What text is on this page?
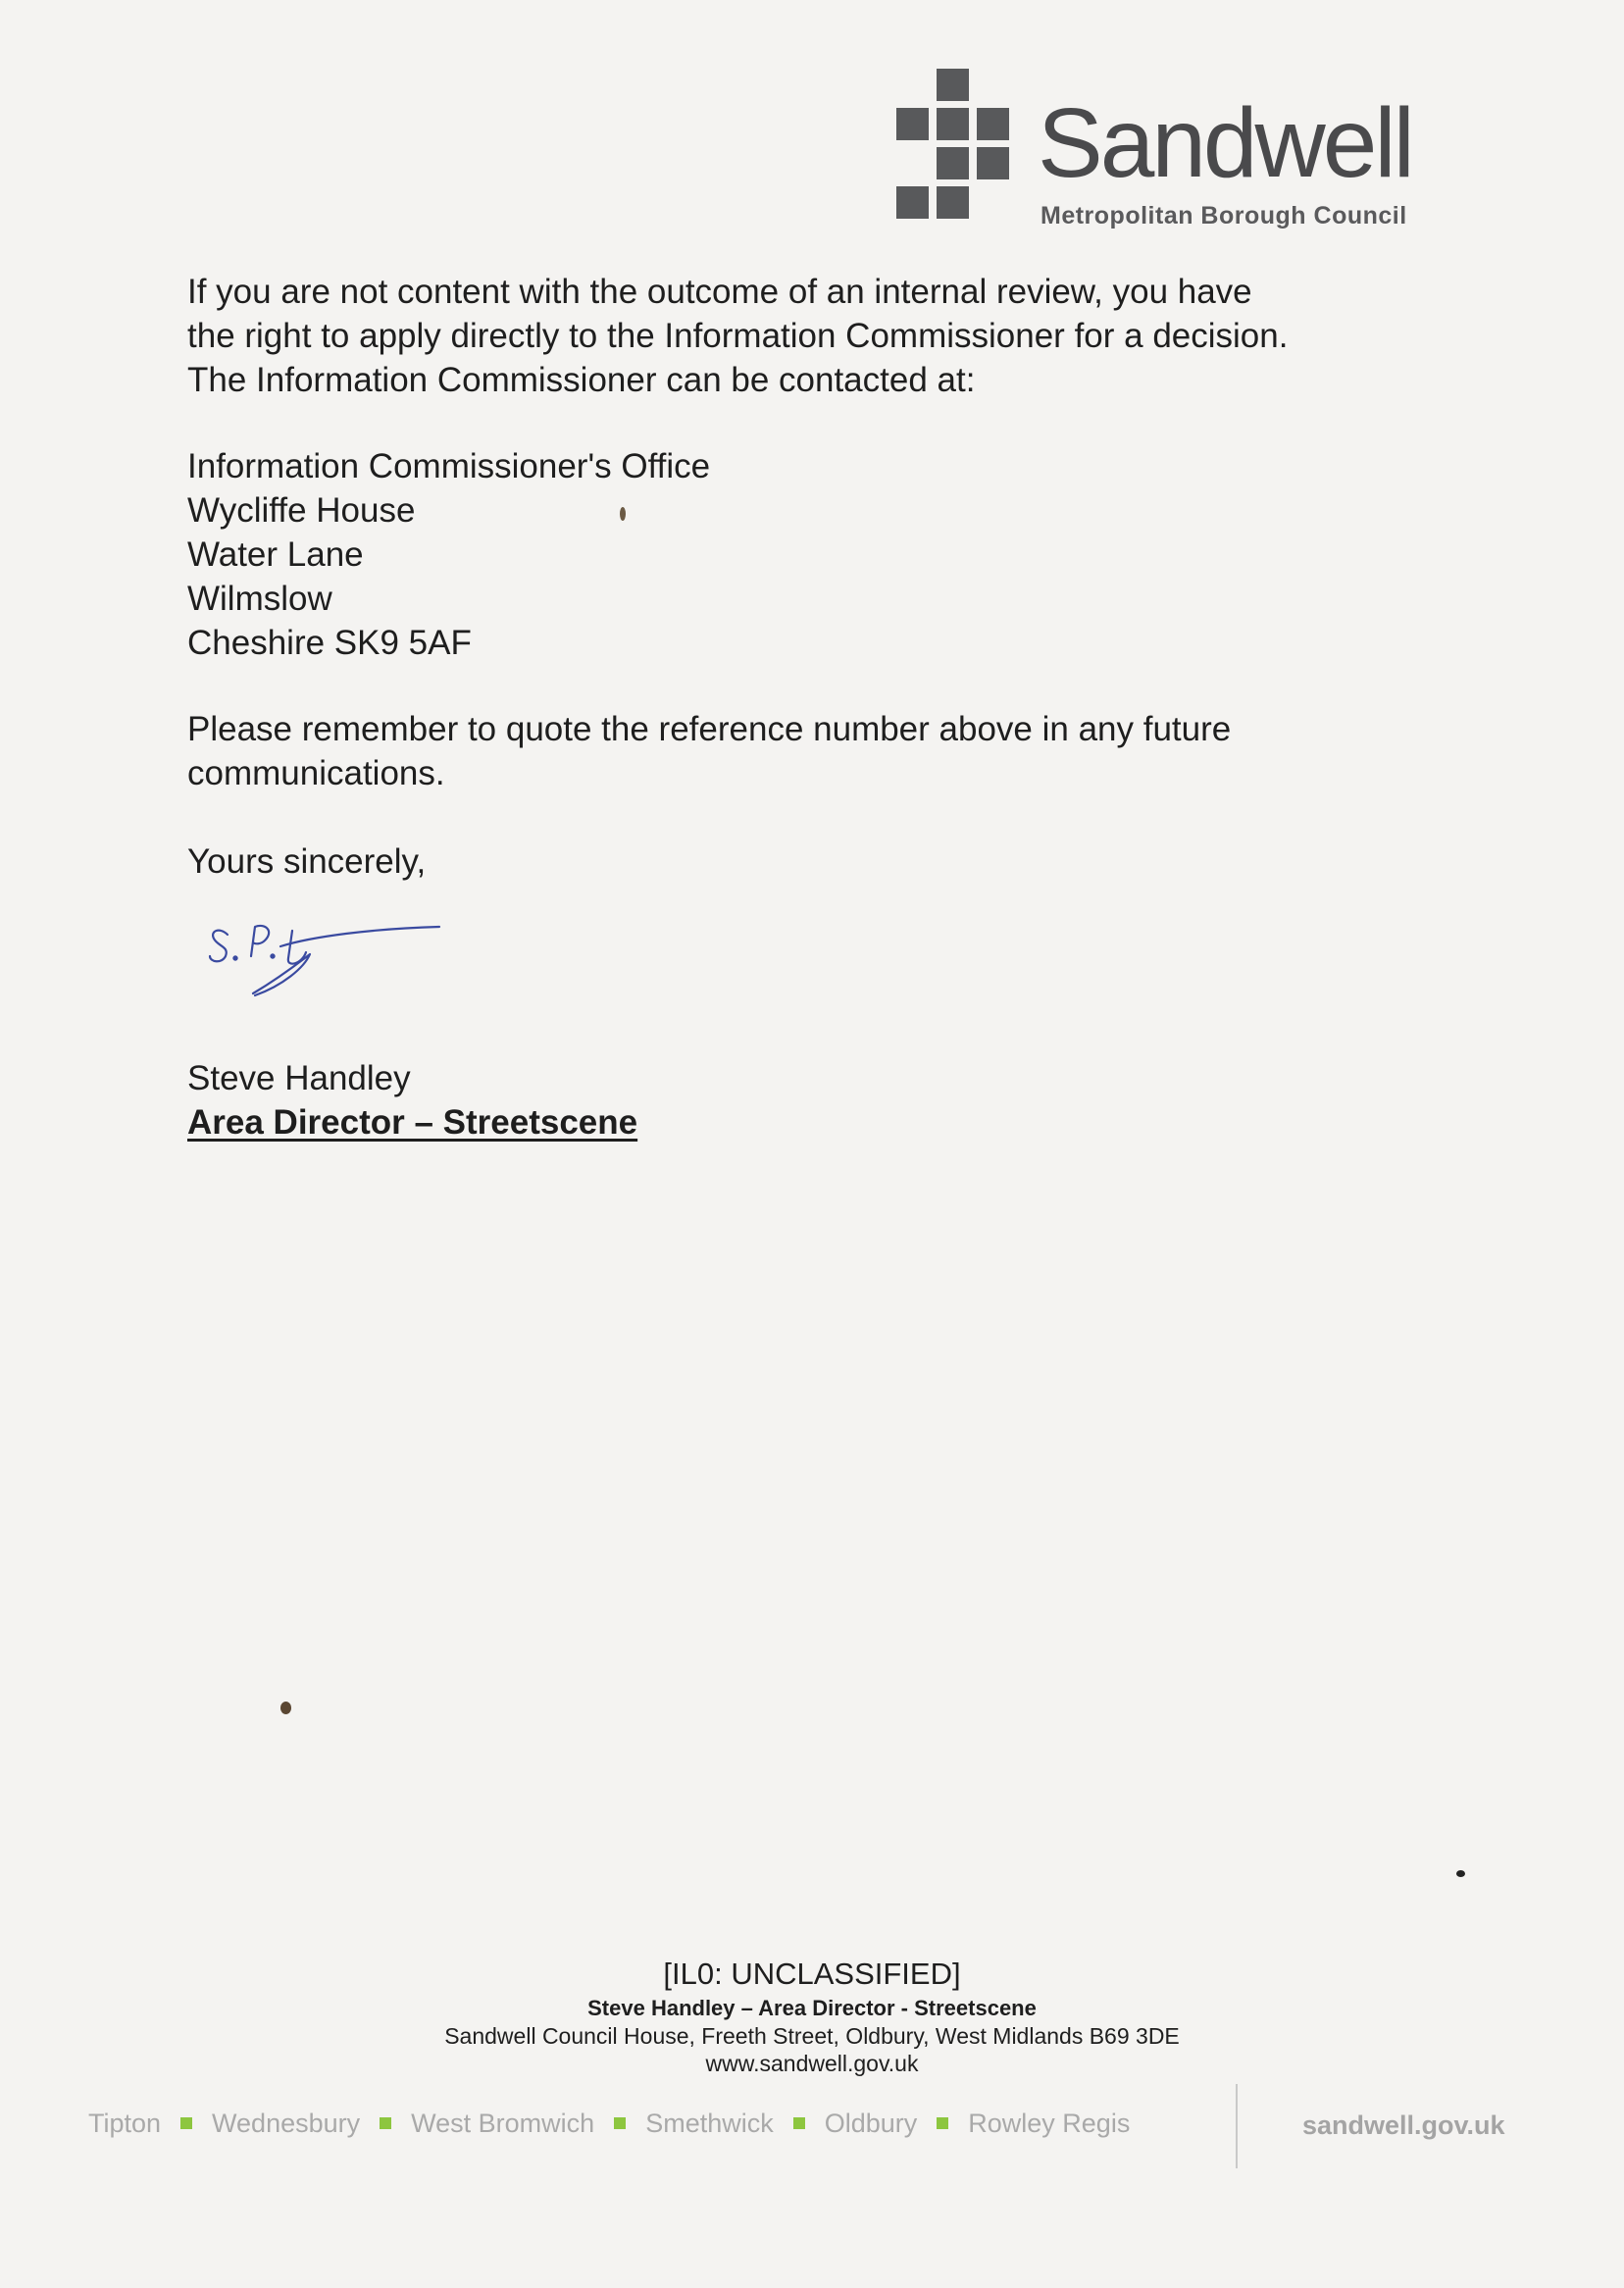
Sandwell
Metropolitan Borough Council

If you are not content with the outcome of an internal review, you have
the right to apply directly to the Information Commissioner for a decision.
The Information Commissioner can be contacted at:

Information Commissioner's Office
Wycliffe House
Water Lane
Wilmslow
Cheshire SK9 5AF

Please remember to quote the reference number above in any future
communications.

Yours sincerely,

Steve Handley

Area Director – Streetscene
[IL0: UNCLASSIFIED]
Steve Handley – Area Director - Streetscene
Sandwell Council House, Freeth Street, Oldbury, West Midlands B69 3DE
www.sandwell.gov.uk
Tipton Wednesbury West Bromwich Smethwick Oldbury Rowley Regis	sandwell.gov.uk
